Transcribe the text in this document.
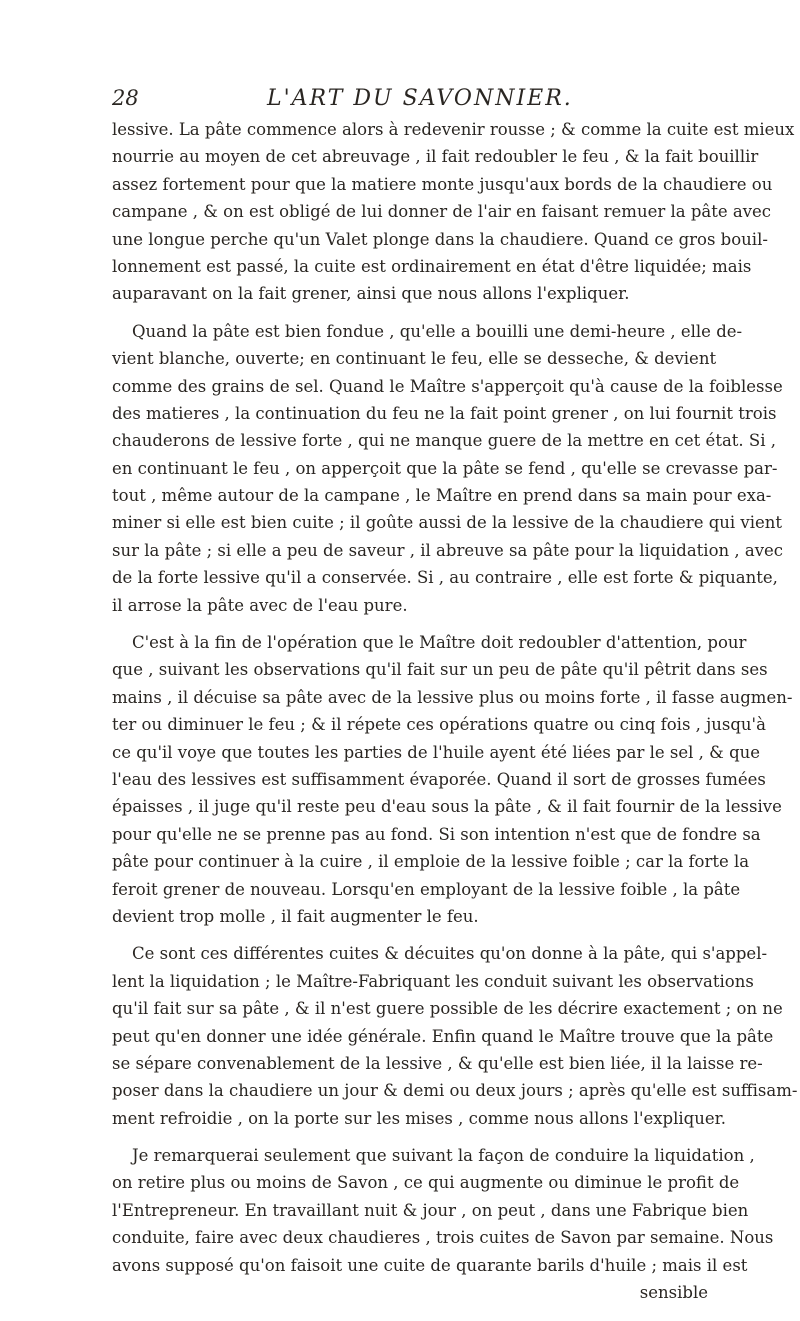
28	L'ART DU SAVONNIER.
lessive. La pâte commence alors à redevenir rousse ; & comme la cuite est mieux
nourrie au moyen de cet abreuvage , il fait redoubler le feu , & la fait bouillir
assez fortement pour que la matiere monte jusqu'aux bords de la chaudiere ou
campane , & on est obligé de lui donner de l'air en faisant remuer la pâte avec
une longue perche qu'un Valet plonge dans la chaudiere. Quand ce gros bouil-
lonnement est passé, la cuite est ordinairement en état d'être liquidée; mais
auparavant on la fait grener, ainsi que nous allons l'expliquer.
Quand la pâte est bien fondue , qu'elle a bouilli une demi-heure , elle de-
vient blanche, ouverte; en continuant le feu, elle se desseche, & devient
comme des grains de sel. Quand le Maître s'apperçoit qu'à cause de la foiblesse
des matieres , la continuation du feu ne la fait point grener , on lui fournit trois
chauderons de lessive forte , qui ne manque guere de la mettre en cet état. Si ,
en continuant le feu , on apperçoit que la pâte se fend , qu'elle se crevasse par-
tout , même autour de la campane , le Maître en prend dans sa main pour exa-
miner si elle est bien cuite ; il goûte aussi de la lessive de la chaudiere qui vient
sur la pâte ; si elle a peu de saveur , il abreuve sa pâte pour la liquidation , avec
de la forte lessive qu'il a conservée. Si , au contraire , elle est forte & piquante,
il arrose la pâte avec de l'eau pure.
C'est à la fin de l'opération que le Maître doit redoubler d'attention, pour
que , suivant les observations qu'il fait sur un peu de pâte qu'il pêtrit dans ses
mains , il décuise sa pâte avec de la lessive plus ou moins forte , il fasse augmen-
ter ou diminuer le feu ; & il répete ces opérations quatre ou cinq fois , jusqu'à
ce qu'il voye que toutes les parties de l'huile ayent été liées par le sel , & que
l'eau des lessives est suffisamment évaporée. Quand il sort de grosses fumées
épaisses , il juge qu'il reste peu d'eau sous la pâte , & il fait fournir de la lessive
pour qu'elle ne se prenne pas au fond. Si son intention n'est que de fondre sa
pâte pour continuer à la cuire , il emploie de la lessive foible ; car la forte la
feroit grener de nouveau. Lorsqu'en employant de la lessive foible , la pâte
devient trop molle , il fait augmenter le feu.
Ce sont ces différentes cuites & décuites qu'on donne à la pâte, qui s'appel-
lent la liquidation ; le Maître-Fabriquant les conduit suivant les observations
qu'il fait sur sa pâte , & il n'est guere possible de les décrire exactement ; on ne
peut qu'en donner une idée générale. Enfin quand le Maître trouve que la pâte
se sépare convenablement de la lessive , & qu'elle est bien liée, il la laisse re-
poser dans la chaudiere un jour & demi ou deux jours ; après qu'elle est suffisam-
ment refroidie , on la porte sur les mises , comme nous allons l'expliquer.
Je remarquerai seulement que suivant la façon de conduire la liquidation ,
on retire plus ou moins de Savon , ce qui augmente ou diminue le profit de
l'Entrepreneur. En travaillant nuit & jour , on peut , dans une Fabrique bien
conduite, faire avec deux chaudieres , trois cuites de Savon par semaine. Nous
avons supposé qu'on faisoit une cuite de quarante barils d'huile ; mais il est
sensible
